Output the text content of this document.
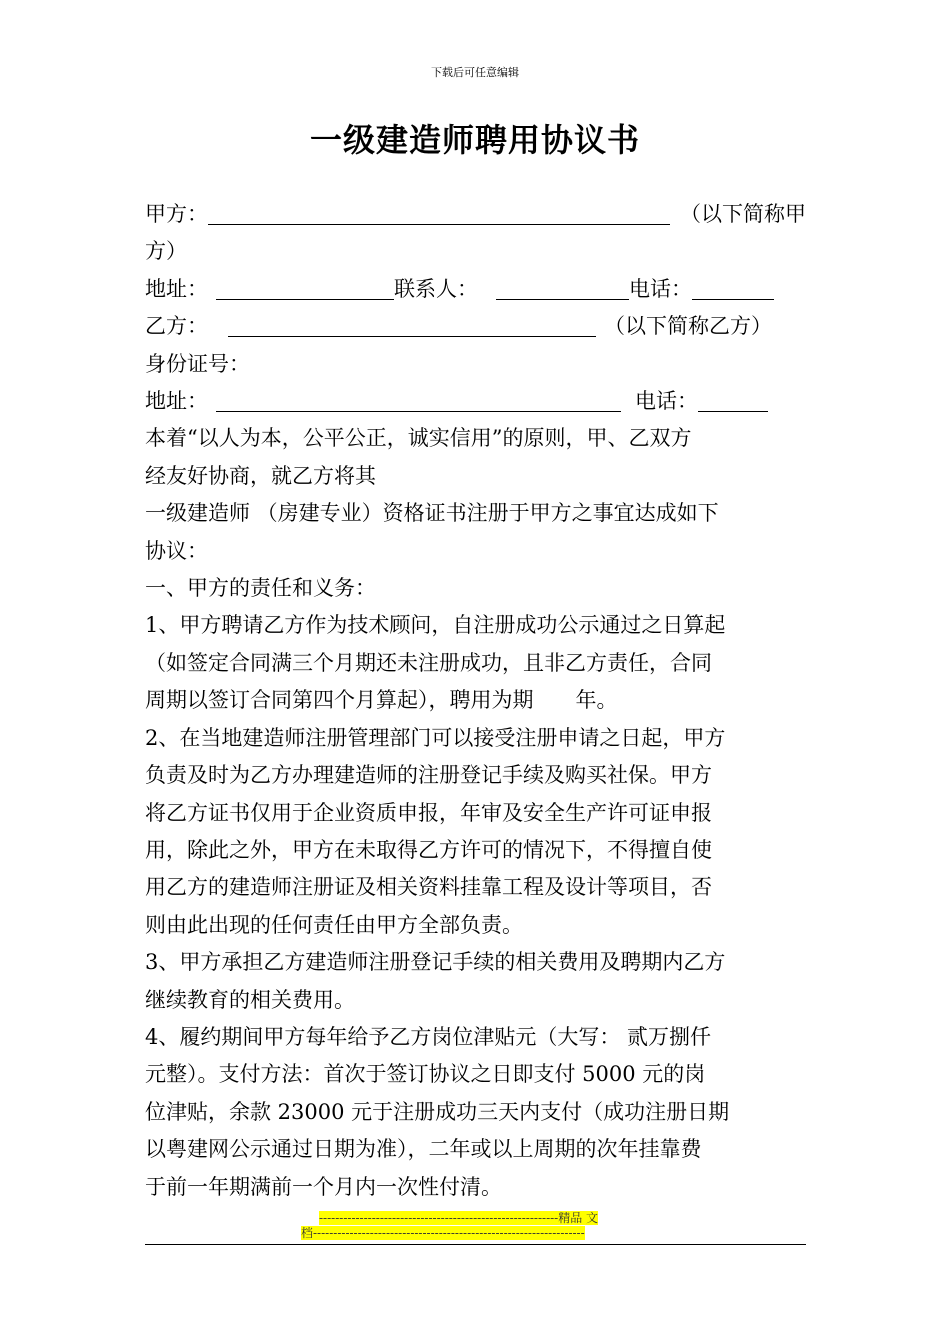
下载后可任意编辑
一级建造师聘用协议书

甲方：	（以下简称甲

方）

地址：	联系人：	电话：

乙方：	（以下简称乙方）

身份证号：

地址：	电话：

本着“以人为本，公平公正，诚实信用”的原则，甲、乙双方

经友好协商，就乙方将其

一级建造师 （房建专业）资格证书注册于甲方之事宜达成如下

协议：

一、甲方的责任和义务：

1、甲方聘请乙方作为技术顾问，自注册成功公示通过之日算起

（如签定合同满三个月期还未注册成功，且非乙方责任，合同

周期以签订合同第四个月算起），聘用为期　　年。

2、在当地建造师注册管理部门可以接受注册申请之日起，甲方

负责及时为乙方办理建造师的注册登记手续及购买社保。甲方

将乙方证书仅用于企业资质申报，年审及安全生产许可证申报

用，除此之外，甲方在未取得乙方许可的情况下，不得擅自使

用乙方的建造师注册证及相关资料挂靠工程及设计等项目，否

则由此出现的任何责任由甲方全部负责。

3、甲方承担乙方建造师注册登记手续的相关费用及聘期内乙方

继续教育的相关费用。

4、履约期间甲方每年给予乙方岗位津贴元（大写： 贰万捌仟

元整）。支付方法：首次于签订协议之日即支付 5000 元的岗

位津贴，余款 23000 元于注册成功三天内支付（成功注册日期

以粤建网公示通过日期为准），二年或以上周期的次年挂靠费

于前一年期满前一个月内一次性付清。

-----------------------------------------------------------精品 文
档-------------------------------------------------------------------
